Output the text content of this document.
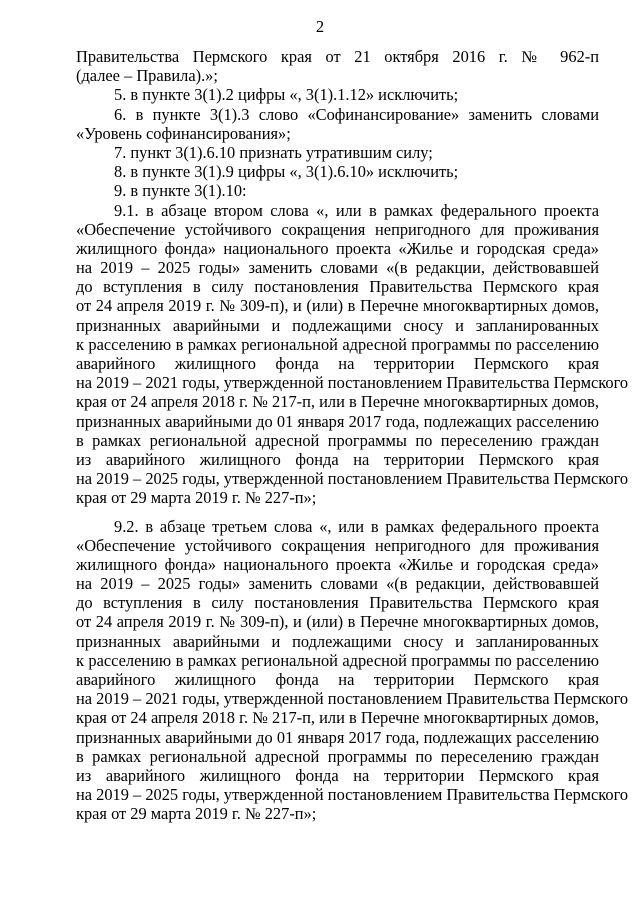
2
Правительства Пермского края от 21 октября 2016 г. № 962-п
(далее – Правила).»;
5. в пункте 3(1).2 цифры «, 3(1).1.12» исключить;
6. в пункте 3(1).3 слово «Софинансирование» заменить словами
«Уровень софинансирования»;
7. пункт 3(1).6.10 признать утратившим силу;
8. в пункте 3(1).9 цифры «, 3(1).6.10» исключить;
9. в пункте 3(1).10:
9.1. в абзаце втором слова «, или в рамках федерального проекта
«Обеспечение устойчивого сокращения непригодного для проживания
жилищного фонда» национального проекта «Жилье и городская среда»
на 2019 – 2025 годы» заменить словами «(в редакции, действовавшей
до вступления в силу постановления Правительства Пермского края
от 24 апреля 2019 г. № 309-п), и (или) в Перечне многоквартирных домов,
признанных аварийными и подлежащими сносу и запланированных
к расселению в рамках региональной адресной программы по расселению
аварийного жилищного фонда на территории Пермского края
на 2019 – 2021 годы, утвержденной постановлением Правительства Пермского
края от 24 апреля 2018 г. № 217-п, или в Перечне многоквартирных домов,
признанных аварийными до 01 января 2017 года, подлежащих расселению
в рамках региональной адресной программы по переселению граждан
из аварийного жилищного фонда на территории Пермского края
на 2019 – 2025 годы, утвержденной постановлением Правительства Пермского
края от 29 марта 2019 г. № 227-п»;
9.2. в абзаце третьем слова «, или в рамках федерального проекта
«Обеспечение устойчивого сокращения непригодного для проживания
жилищного фонда» национального проекта «Жилье и городская среда»
на 2019 – 2025 годы» заменить словами «(в редакции, действовавшей
до вступления в силу постановления Правительства Пермского края
от 24 апреля 2019 г. № 309-п), и (или) в Перечне многоквартирных домов,
признанных аварийными и подлежащими сносу и запланированных
к расселению в рамках региональной адресной программы по расселению
аварийного жилищного фонда на территории Пермского края
на 2019 – 2021 годы, утвержденной постановлением Правительства Пермского
края от 24 апреля 2018 г. № 217-п, или в Перечне многоквартирных домов,
признанных аварийными до 01 января 2017 года, подлежащих расселению
в рамках региональной адресной программы по переселению граждан
из аварийного жилищного фонда на территории Пермского края
на 2019 – 2025 годы, утвержденной постановлением Правительства Пермского
края от 29 марта 2019 г. № 227-п»;
